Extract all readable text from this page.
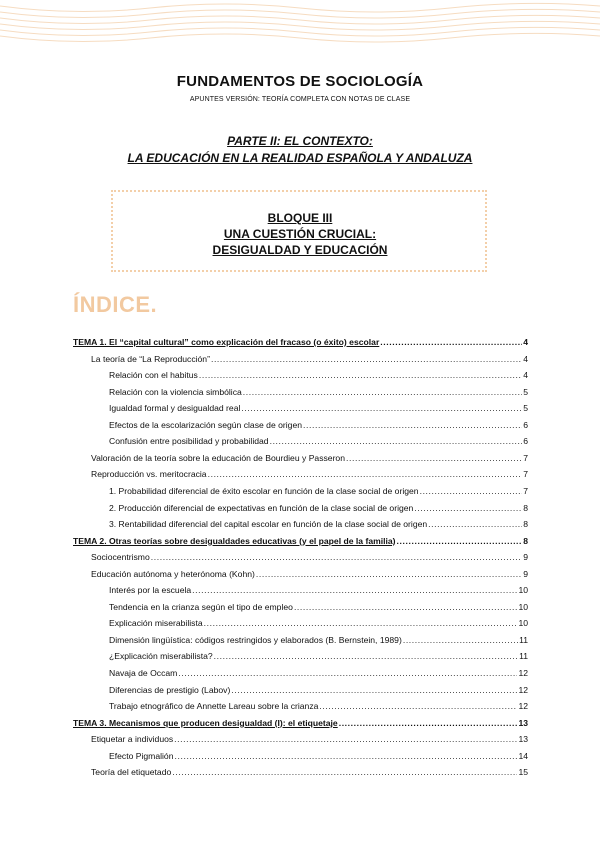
FUNDAMENTOS DE SOCIOLOGÍA
APUNTES VERSIÓN: TEORÍA COMPLETA CON NOTAS DE CLASE
PARTE II: EL CONTEXTO:
LA EDUCACIÓN EN LA REALIDAD ESPAÑOLA Y ANDALUZA
BLOQUE III
UNA CUESTIÓN CRUCIAL:
DESIGUALDAD Y EDUCACIÓN
ÍNDICE.
TEMA 1. El “capital cultural” como explicación del fracaso (o éxito) escolar .....	4
La teoría de “La Reproducción” .....	4
Relación con el habitus .....	4
Relación con la violencia simbólica .....	5
Igualdad formal y desigualdad real .....	5
Efectos de la escolarización según clase de origen .....	6
Confusión entre posibilidad y probabilidad .....	6
Valoración de la teoría sobre la educación de Bourdieu y Passeron .....	7
Reproducción vs. meritocracia .....	7
1. Probabilidad diferencial de éxito escolar en función de la clase social de origen .....	7
2. Producción diferencial de expectativas en función de la clase social de origen .....	8
3. Rentabilidad diferencial del capital escolar en función de la clase social de origen .....	8
TEMA 2. Otras teorías sobre desigualdades educativas (y el papel de la familia) .....	8
Sociocentrismo .....	9
Educación autónoma y heterónoma (Kohn) .....	9
Interés por la escuela .....	10
Tendencia en la crianza según el tipo de empleo .....	10
Explicación miserabilista .....	10
Dimensión lingüística: códigos restringidos y elaborados (B. Bernstein, 1989) .....	11
¿Explicación miserabilista? .....	11
Navaja de Occam .....	12
Diferencias de prestigio (Labov) .....	12
Trabajo etnográfico de Annette Lareau sobre la crianza .....	12
TEMA 3. Mecanismos que producen desigualdad (I): el etiquetaje .....	13
Etiquetar a individuos .....	13
Efecto Pigmalión .....	14
Teoría del etiquetado .....	15
